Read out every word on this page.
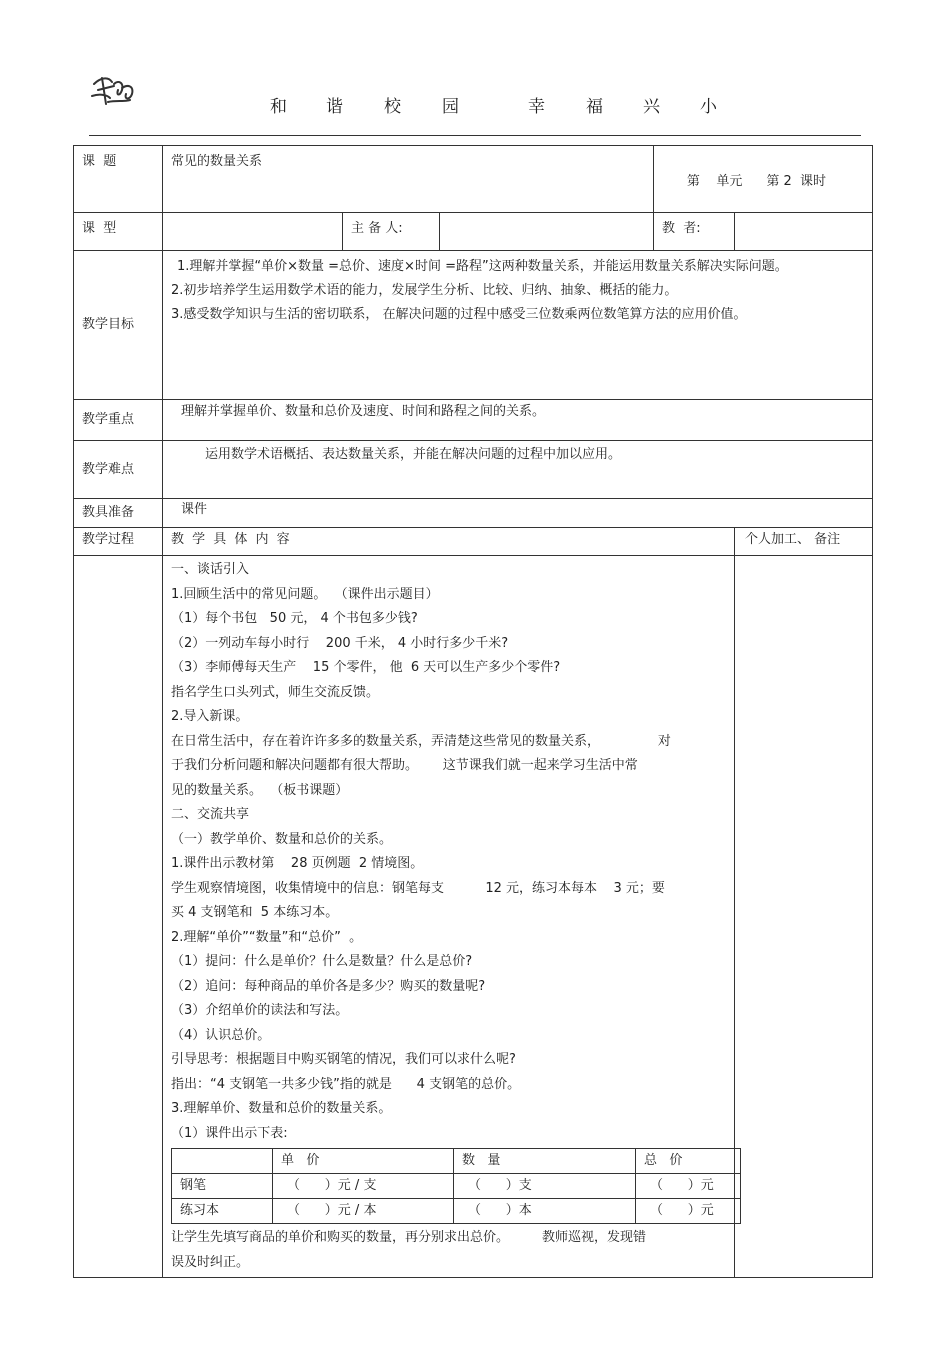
和 谐 校 园	幸 福 兴 小
课  题	常见的数量关系	
第    单元 第 2  课时

课  型		主 备 人:		教  者:	
教学目标	

1.理解并掌握“单价×数量 =总价、速度×时间 =路程”这两种数量关系，并能运用数量关系解决实际问题。

2.初步培养学生运用数学术语的能力，发展学生分析、比较、归纳、抽象、概括的能力。

3.感受数学知识与生活的密切联系， 在解决问题的过程中感受三位数乘两位数笔算方法的应用价值。

教学重点	理解并掌握单价、数量和总价及速度、时间和路程之间的关系。
教学难点	运用数学术语概括、表达数量关系，并能在解决问题的过程中加以应用。
教具准备	课件
教学过程	教 学 具 体 内 容	个人加工、 备注

一、谈话引入

1.回顾生活中的常见问题。  （课件出示题目）

（1）每个书包   50 元， 4 个书包多少钱?

（2）一列动车每小时行    200 千米， 4 小时行多少千米?

（3）李师傅每天生产    15 个零件， 他  6 天可以生产多少个零件?

指名学生口头列式，师生交流反馈。

2.导入新课。

在日常生活中，存在着许许多多的数量关系，弄清楚这些常见的数量关系，              对

于我们分析问题和解决问题都有很大帮助。      这节课我们就一起来学习生活中常

见的数量关系。  （板书课题）

二、交流共享

（一）教学单价、数量和总价的关系。

1.课件出示教材第    28 页例题  2 情境图。

学生观察情境图，收集情境中的信息：钢笔每支          12 元，练习本每本    3 元；要

买 4 支钢笔和  5 本练习本。

2.理解“单价”“数量”和“总价”  。

（1）提问：什么是单价？什么是数量？什么是总价?

（2）追问：每种商品的单价各是多少？购买的数量呢?

（3）介绍单价的读法和写法。

（4）认识总价。

引导思考：根据题目中购买钢笔的情况，我们可以求什么呢?

指出：“4 支钢笔一共多少钱”指的就是      4 支钢笔的总价。

3.理解单价、数量和总价的数量关系。

（1）课件出示下表:

	单   价	数   量	总   价
钢笔	（      ）元 / 支	（      ）支	（      ）元
练习本	（      ）元 / 本	（      ）本	（      ）元

让学生先填写商品的单价和购买的数量，再分别求出总价。        教师巡视，发现错

误及时纠正。
